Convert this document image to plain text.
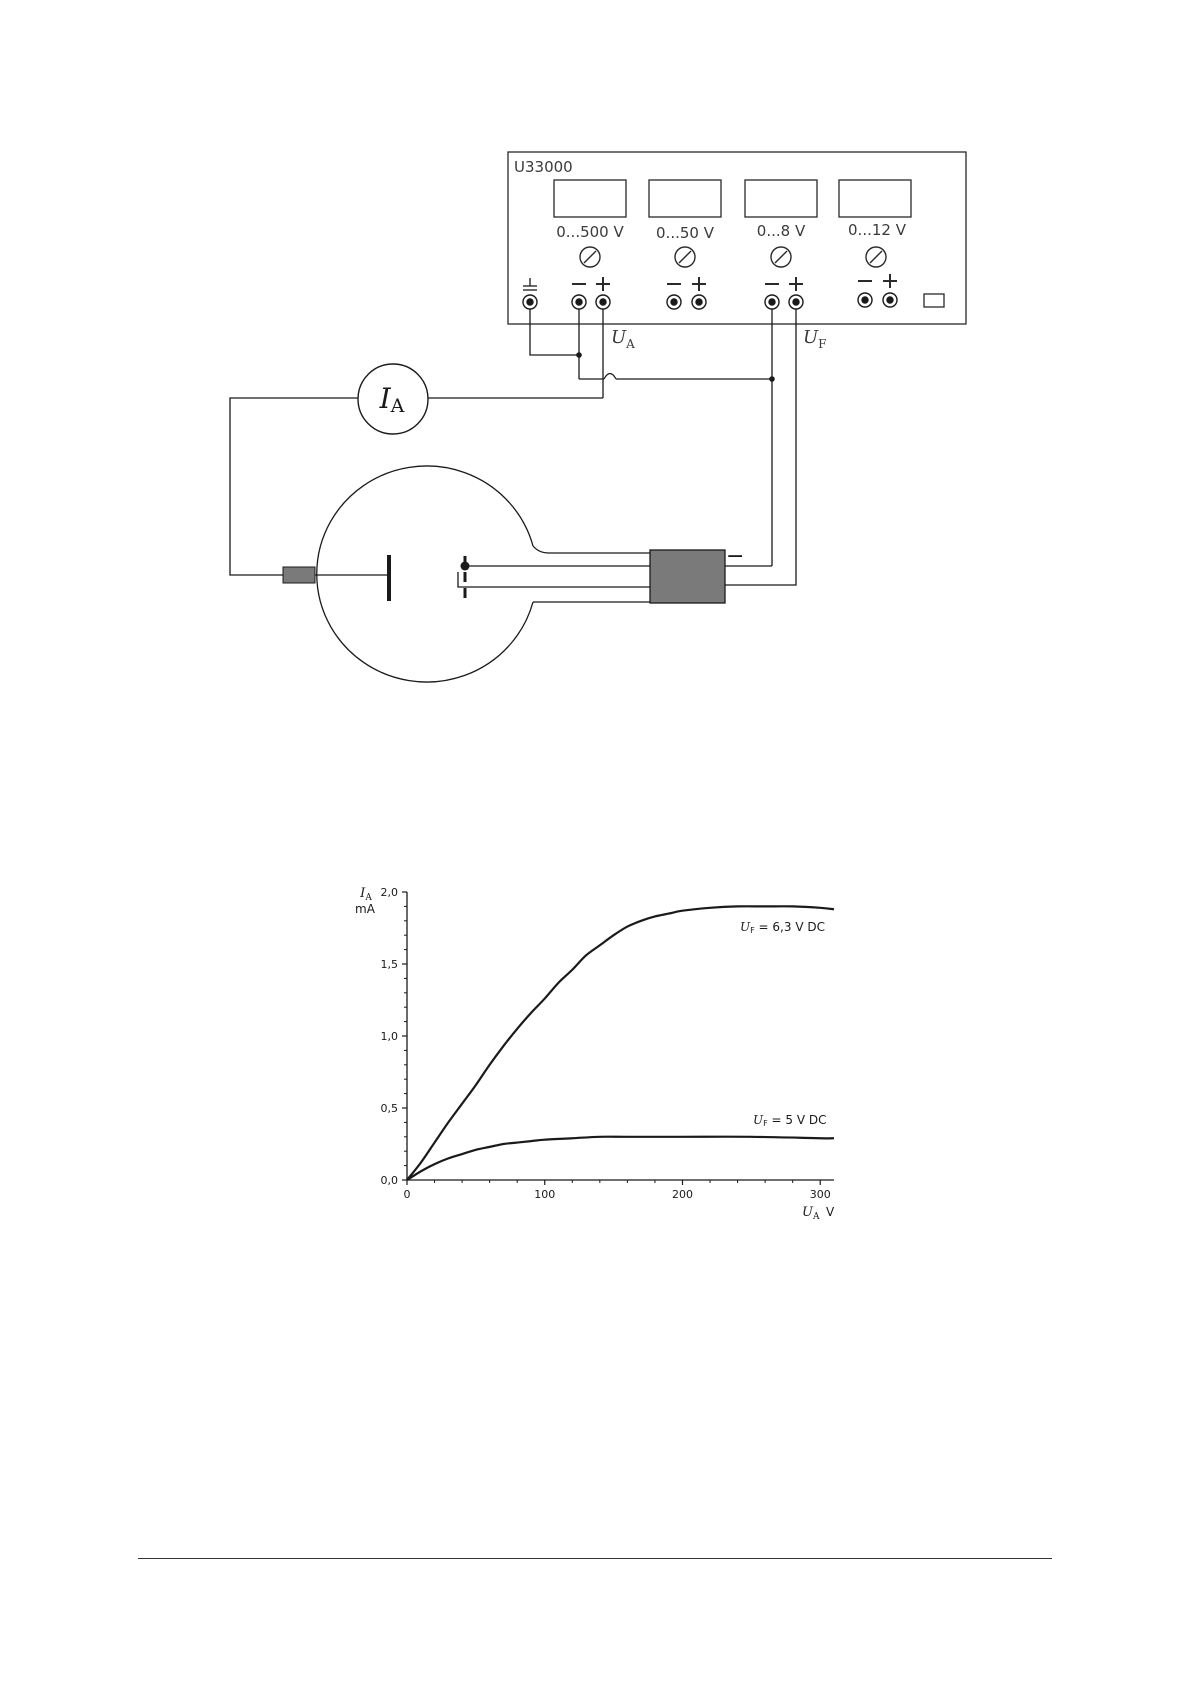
U33000
0...500 V 0...50 V	0...8 V	0...12 V
$U_A$	$U_F$
IA
−
0,0
0,5
1,0
1,5
2,0
0	100	200	300
$I_A$
mA
$U_A$ V
UF = 6,3 V DC
UF = 5 V DC
